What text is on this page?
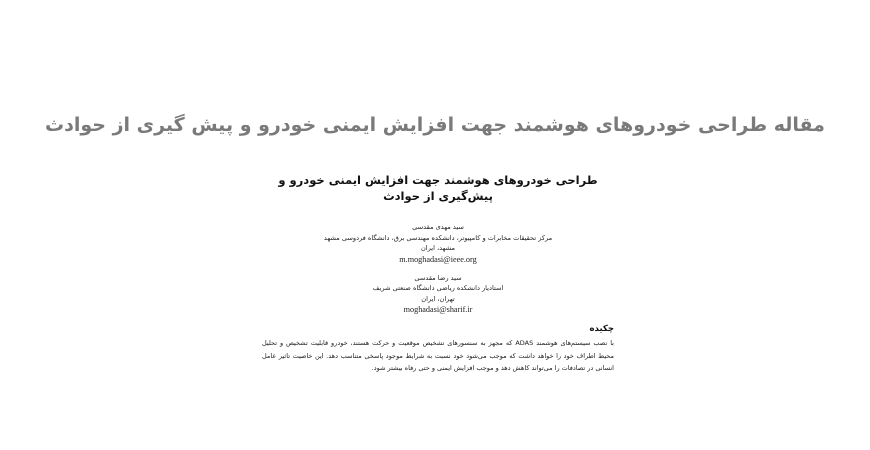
مقاله طراحی خودروهای هوشمند جهت افزایش ایمنی خودرو و پیش گیری از حوادث
طراحی خودروهای هوشمند جهت افزایش ایمنی خودرو و پیش‌گیری از حوادث
سید مهدی مقدسی
مرکز تحقیقات مخابرات و کامپیوتر، دانشکده مهندسی برق، دانشگاه فردوسی مشهد
مشهد، ایران
m.moghadasi@ieee.org
سید رضا مقدسی
استادیار دانشکده ریاضی دانشگاه صنعتی شریف
تهران، ایران
moghadasi@sharif.ir
چکیده

با نصب سیستم‌های هوشمند ADAS که مجهز به سنسورهای تشخیص موقعیت و حرکت هستند، خودرو قابلیت تشخیص و تحلیل محیط اطراف خود را خواهد داشت که موجب می‌شود خود نسبت به شرایط موجود پاسخی متناسب دهد. این خاصیت تاثیر عامل انسانی در تصادفات را می‌تواند کاهش دهد و موجب افزایش ایمنی و حتی رفاه بیشتر شود.
